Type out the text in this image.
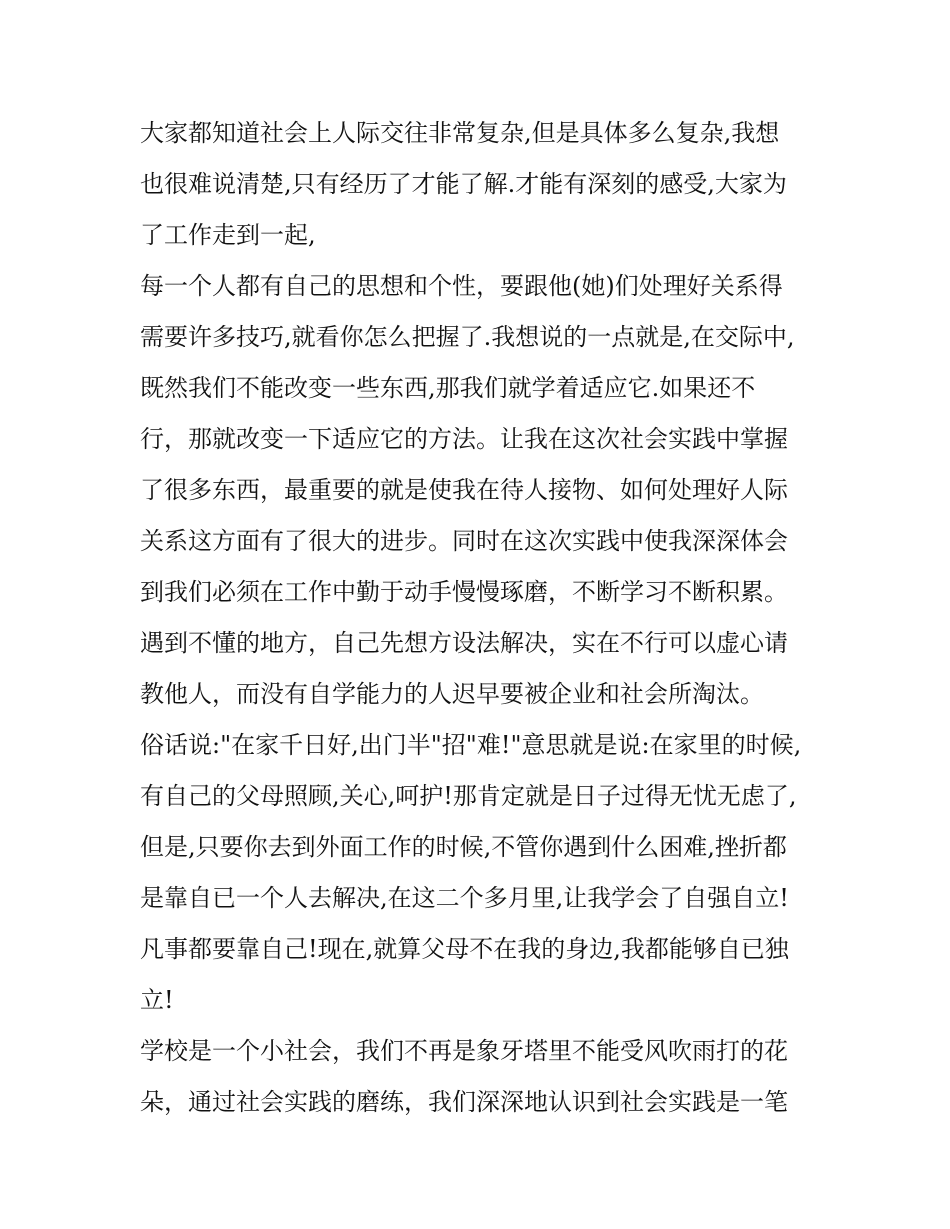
大家都知道社会上人际交往非常复杂,但是具体多么复杂,我想
也很难说清楚,只有经历了才能了解.才能有深刻的感受,大家为
了工作走到一起,
每一个人都有自己的思想和个性，要跟他(她)们处理好关系得
需要许多技巧,就看你怎么把握了.我想说的一点就是,在交际中,
既然我们不能改变一些东西,那我们就学着适应它.如果还不
行，那就改变一下适应它的方法。让我在这次社会实践中掌握
了很多东西，最重要的就是使我在待人接物、如何处理好人际
关系这方面有了很大的进步。同时在这次实践中使我深深体会
到我们必须在工作中勤于动手慢慢琢磨，不断学习不断积累。
遇到不懂的地方，自己先想方设法解决，实在不行可以虚心请
教他人，而没有自学能力的人迟早要被企业和社会所淘汰。
俗话说:"在家千日好,出门半"招"难!"意思就是说:在家里的时候,
有自己的父母照顾,关心,呵护!那肯定就是日子过得无忧无虑了,
但是,只要你去到外面工作的时候,不管你遇到什么困难,挫折都
是靠自已一个人去解决,在这二个多月里,让我学会了自强自立!
凡事都要靠自己!现在,就算父母不在我的身边,我都能够自已独
立!
学校是一个小社会，我们不再是象牙塔里不能受风吹雨打的花
朵，通过社会实践的磨练，我们深深地认识到社会实践是一笔
